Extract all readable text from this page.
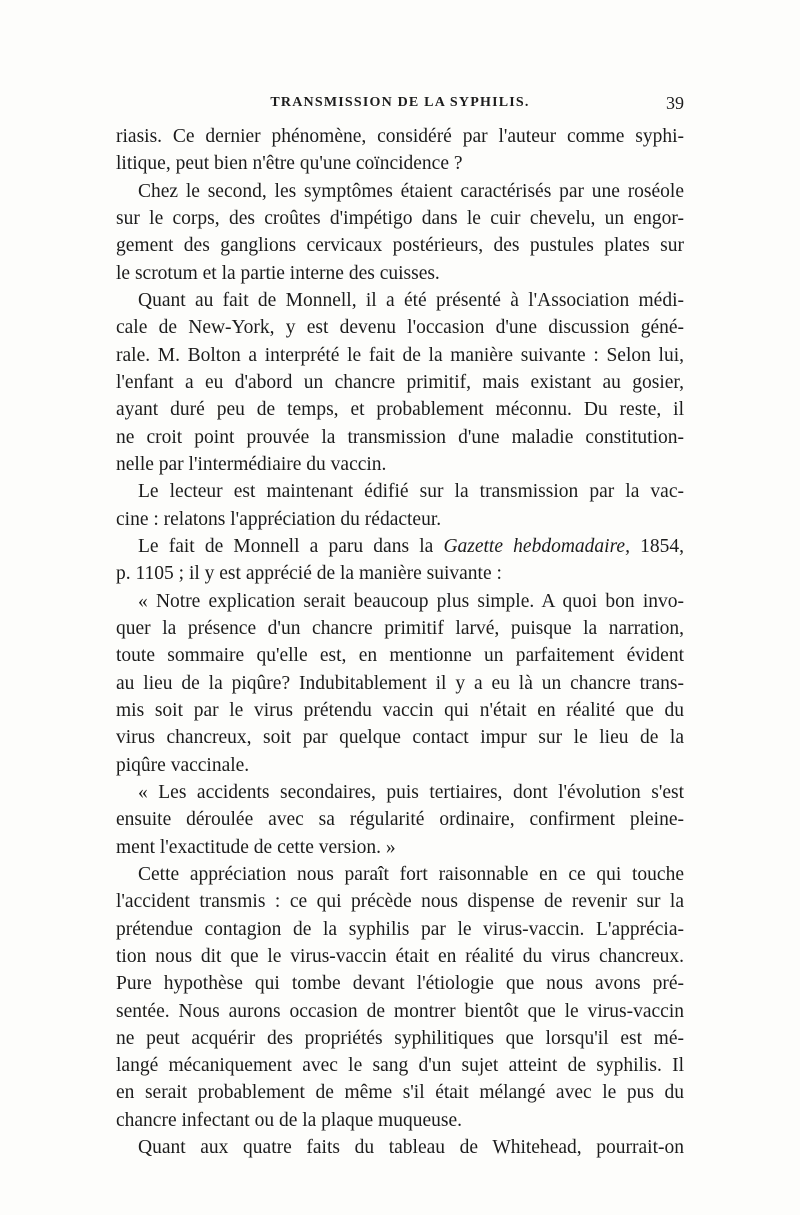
TRANSMISSION DE LA SYPHILIS.	39
riasis. Ce dernier phénomène, considéré par l'auteur comme syphi-
litique, peut bien n'être qu'une coïncidence ?
Chez le second, les symptômes étaient caractérisés par une roséole
sur le corps, des croûtes d'impétigo dans le cuir chevelu, un engor-
gement des ganglions cervicaux postérieurs, des pustules plates sur
le scrotum et la partie interne des cuisses.
Quant au fait de Monnell, il a été présenté à l'Association médi-
cale de New-York, y est devenu l'occasion d'une discussion géné-
rale. M. Bolton a interprété le fait de la manière suivante : Selon lui,
l'enfant a eu d'abord un chancre primitif, mais existant au gosier,
ayant duré peu de temps, et probablement méconnu. Du reste, il
ne croit point prouvée la transmission d'une maladie constitution-
nelle par l'intermédiaire du vaccin.
Le lecteur est maintenant édifié sur la transmission par la vac-
cine : relatons l'appréciation du rédacteur.
Le fait de Monnell a paru dans la Gazette hebdomadaire, 1854,
p. 1105 ; il y est apprécié de la manière suivante :
« Notre explication serait beaucoup plus simple. A quoi bon invo-
quer la présence d'un chancre primitif larvé, puisque la narration,
toute sommaire qu'elle est, en mentionne un parfaitement évident
au lieu de la piqûre? Indubitablement il y a eu là un chancre trans-
mis soit par le virus prétendu vaccin qui n'était en réalité que du
virus chancreux, soit par quelque contact impur sur le lieu de la
piqûre vaccinale.
« Les accidents secondaires, puis tertiaires, dont l'évolution s'est
ensuite déroulée avec sa régularité ordinaire, confirment pleine-
ment l'exactitude de cette version. »
Cette appréciation nous paraît fort raisonnable en ce qui touche
l'accident transmis : ce qui précède nous dispense de revenir sur la
prétendue contagion de la syphilis par le virus-vaccin. L'apprécia-
tion nous dit que le virus-vaccin était en réalité du virus chancreux.
Pure hypothèse qui tombe devant l'étiologie que nous avons pré-
sentée. Nous aurons occasion de montrer bientôt que le virus-vaccin
ne peut acquérir des propriétés syphilitiques que lorsqu'il est mé-
langé mécaniquement avec le sang d'un sujet atteint de syphilis. Il
en serait probablement de même s'il était mélangé avec le pus du
chancre infectant ou de la plaque muqueuse.
Quant aux quatre faits du tableau de Whitehead, pourrait-on
